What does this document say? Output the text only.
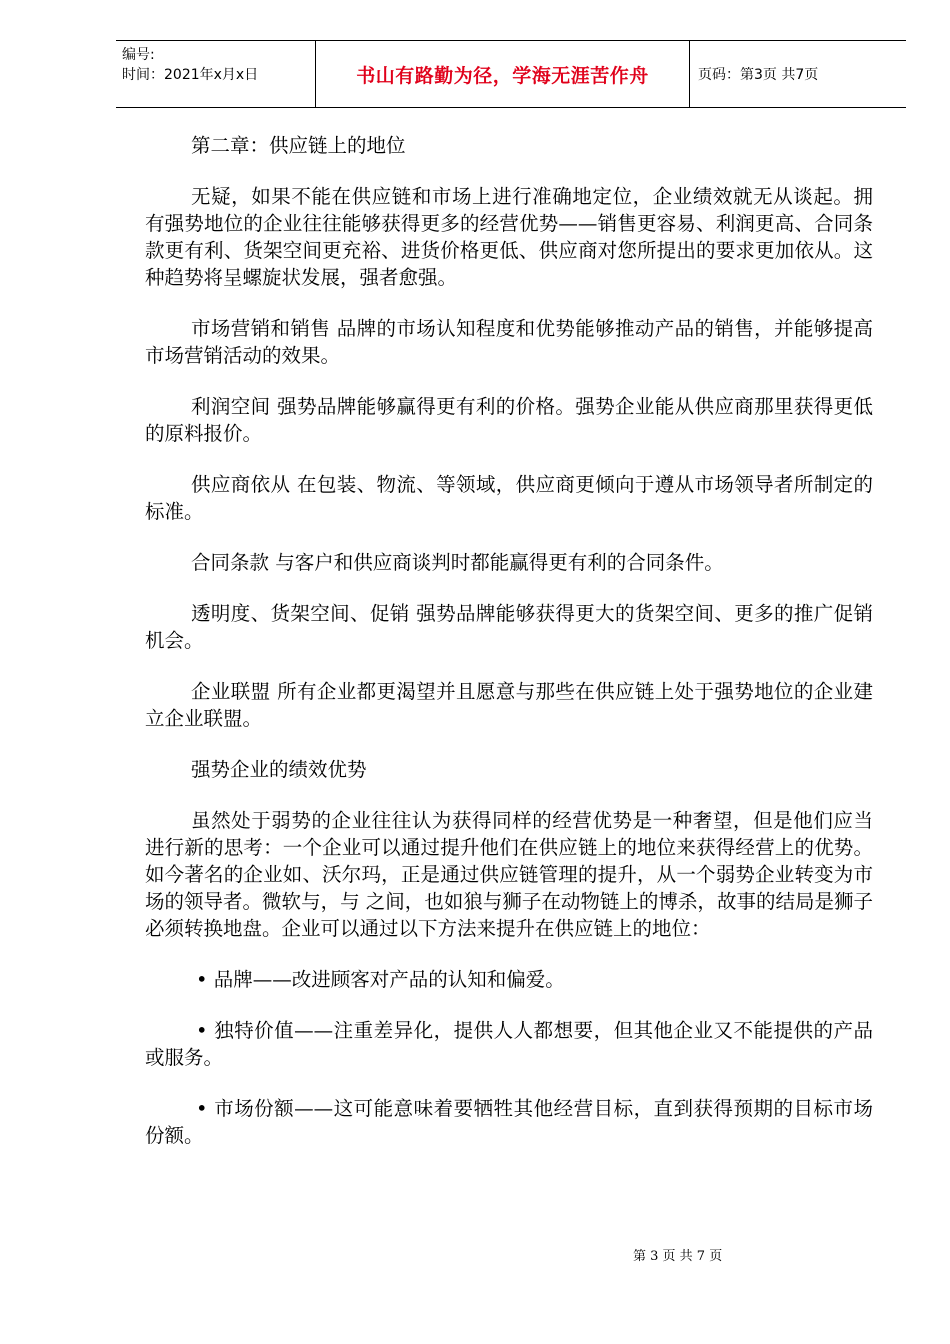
编号:
时间：2021年x月x日	书山有路勤为径，学海无涯苦作舟	页码：第3页 共7页

第二章：供应链上的地位

无疑，如果不能在供应链和市场上进行准确地定位，企业绩效就无从谈起。拥有强势地位的企业往往能够获得更多的经营优势——销售更容易、利润更高、合同条款更有利、货架空间更充裕、进货价格更低、供应商对您所提出的要求更加依从。这种趋势将呈螺旋状发展，强者愈强。

市场营销和销售 品牌的市场认知程度和优势能够推动产品的销售，并能够提高市场营销活动的效果。

利润空间 强势品牌能够赢得更有利的价格。强势企业能从供应商那里获得更低的原料报价。

供应商依从 在包装、物流、等领域，供应商更倾向于遵从市场领导者所制定的标准。

合同条款 与客户和供应商谈判时都能赢得更有利的合同条件。

透明度、货架空间、促销 强势品牌能够获得更大的货架空间、更多的推广促销机会。

企业联盟 所有企业都更渴望并且愿意与那些在供应链上处于强势地位的企业建立企业联盟。

强势企业的绩效优势

虽然处于弱势的企业往往认为获得同样的经营优势是一种奢望，但是他们应当进行新的思考：一个企业可以通过提升他们在供应链上的地位来获得经营上的优势。如今著名的企业如、沃尔玛，正是通过供应链管理的提升，从一个弱势企业转变为市场的领导者。微软与，与 之间，也如狼与狮子在动物链上的博杀，故事的结局是狮子必须转换地盘。企业可以通过以下方法来提升在供应链上的地位：

• 品牌——改进顾客对产品的认知和偏爱。

• 独特价值——注重差异化，提供人人都想要，但其他企业又不能提供的产品或服务。

• 市场份额——这可能意味着要牺牲其他经营目标，直到获得预期的目标市场份额。

第 3 页 共 7 页
